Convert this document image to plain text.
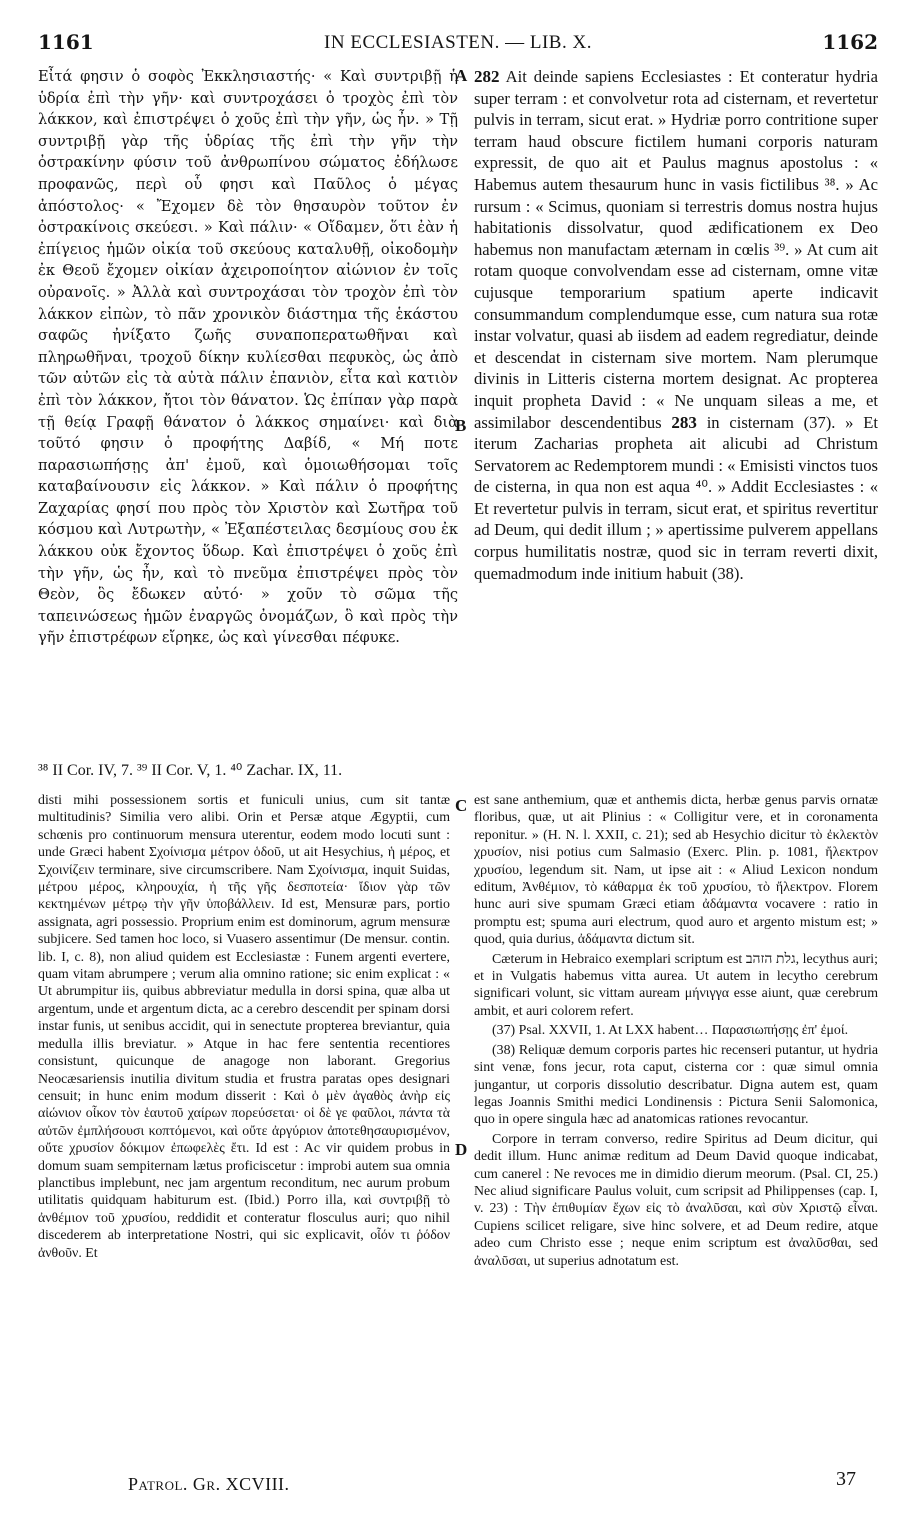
1161	IN ECCLESIASTEN. — LIB. X.	1162

Εἶτά φησιν ὁ σοφὸς Ἐκκλησιαστής· « Καὶ συντριβῇ ἡ ὑδρία ἐπὶ τὴν γῆν· καὶ συντροχάσει ὁ τροχὸς ἐπὶ τὸν λάκκον, καὶ ἐπιστρέψει ὁ χοῦς ἐπὶ τὴν γῆν, ὡς ἦν. » Τῇ συντριβῇ γὰρ τῆς ὑδρίας τῆς ἐπὶ τὴν γῆν τὴν ὀστρακίνην φύσιν τοῦ ἀνθρωπίνου σώματος ἐδήλωσε προφανῶς, περὶ οὗ φησι καὶ Παῦλος ὁ μέγας ἀπόστολος· « Ἔχομεν δὲ τὸν θησαυρὸν τοῦτον ἐν ὀστρακίνοις σκεύεσι. » Καὶ πάλιν· « Οἴδαμεν, ὅτι ἐὰν ἡ ἐπίγειος ἡμῶν οἰκία τοῦ σκεύους καταλυθῇ, οἰκοδομὴν ἐκ Θεοῦ ἔχομεν οἰκίαν ἀχειροποίητον αἰώνιον ἐν τοῖς οὐρανοῖς. » Ἀλλὰ καὶ συντροχάσαι τὸν τροχὸν ἐπὶ τὸν λάκκον εἰπὼν, τὸ πᾶν χρονικὸν διάστημα τῆς ἑκάστου σαφῶς ἠνίξατο ζωῆς συναποπερατωθῆναι καὶ πληρωθῆναι, τροχοῦ δίκην κυλίεσθαι πεφυκὸς, ὡς ἀπὸ τῶν αὐτῶν εἰς τὰ αὐτὰ πάλιν ἐπανιὸν, εἶτα καὶ κατιὸν ἐπὶ τὸν λάκκον, ἤτοι τὸν θάνατον. Ὡς ἐπίπαν γὰρ παρὰ τῇ θείᾳ Γραφῇ θάνατον ὁ λάκκος σημαίνει· καὶ διὰ τοῦτό φησιν ὁ προφήτης Δαβίδ, « Μή ποτε παρασιωπήσῃς ἀπ' ἐμοῦ, καὶ ὁμοιωθήσομαι τοῖς καταβαίνουσιν εἰς λάκκον. » Καὶ πάλιν ὁ προφήτης Ζαχαρίας φησί που πρὸς τὸν Χριστὸν καὶ Σωτῆρα τοῦ κόσμου καὶ Λυτρωτὴν, « Ἐξαπέστειλας δεσμίους σου ἐκ λάκκου οὐκ ἔχοντος ὕδωρ. Καὶ ἐπιστρέψει ὁ χοῦς ἐπὶ τὴν γῆν, ὡς ἦν, καὶ τὸ πνεῦμα ἐπιστρέψει πρὸς τὸν Θεὸν, ὃς ἔδωκεν αὐτό· » χοῦν τὸ σῶμα τῆς ταπεινώσεως ἡμῶν ἐναργῶς ὀνομάζων, ὃ καὶ πρὸς τὴν γῆν ἐπιστρέφων εἴρηκε, ὡς καὶ γίνεσθαι πέφυκε.

A
B

282 Ait deinde sapiens Ecclesiastes : Et conteratur hydria super terram : et convolvetur rota ad cisternam, et revertetur pulvis in terram, sicut erat. » Hydriæ porro contritione super terram haud obscure fictilem humani corporis naturam expressit, de quo ait et Paulus magnus apostolus : « Habemus autem thesaurum hunc in vasis fictilibus ³⁸. » Ac rursum : « Scimus, quoniam si terrestris domus nostra hujus habitationis dissolvatur, quod ædificationem ex Deo habemus non manufactam æternam in cœlis ³⁹. » At cum ait rotam quoque convolvendam esse ad cisternam, omne vitæ cujusque temporarium spatium aperte indicavit consummandum complendumque esse, cum natura sua rotæ instar volvatur, quasi ab iisdem ad eadem regrediatur, deinde et descendat in cisternam sive mortem. Nam plerumque divinis in Litteris cisterna mortem designat. Ac propterea inquit propheta David : « Ne unquam sileas a me, et assimilabor descendentibus 283 in cisternam (37). » Et iterum Zacharias propheta ait alicubi ad Christum Servatorem ac Redemptorem mundi : « Emisisti vinctos tuos de cisterna, in qua non est aqua ⁴⁰. » Addit Ecclesiastes : « Et revertetur pulvis in terram, sicut erat, et spiritus revertitur ad Deum, qui dedit illum ; » apertissime pulverem appellans corpus humilitatis nostræ, quod sic in terram reverti dixit, quemadmodum inde initium habuit (38).

³⁸ II Cor. IV, 7. ³⁹ II Cor. V, 1. ⁴⁰ Zachar. IX, 11.

disti mihi possessionem sortis et funiculi unius, cum sit tantæ multitudinis? Similia vero alibi. Orin et Persæ atque Ægyptii, cum schœnis pro continuorum mensura uterentur, eodem modo locuti sunt : unde Græci habent Σχοίνισμα μέτρον ὁδοῦ, ut ait Hesychius, ἡ μέρος, et Σχοινίζειν terminare, sive circumscribere. Nam Σχοίνισμα, inquit Suidas, μέτρου μέρος, κληρουχία, ἡ τῆς γῆς δεσποτεία· ἴδιον γὰρ τῶν κεκτημένων μέτρῳ τὴν γῆν ὑποβάλλειν. Id est, Mensuræ pars, portio assignata, agri possessio. Proprium enim est dominorum, agrum mensuræ subjicere. Sed tamen hoc loco, si Vuasero assentimur (De mensur. contin. lib. I, c. 8), non aliud quidem est Ecclesiastæ : Funem argenti evertere, quam vitam abrumpere ; verum alia omnino ratione; sic enim explicat : « Ut abrumpitur iis, quibus abbreviatur medulla in dorsi spina, quæ alba ut argentum, unde et argentum dicta, ac a cerebro descendit per spinam dorsi instar funis, ut senibus accidit, qui in senectute propterea breviantur, quia medulla illis breviatur. » Atque in hac fere sententia recentiores consistunt, quicunque de anagoge non laborant. Gregorius Neocæsariensis inutilia divitum studia et frustra paratas opes designari censuit; in hunc enim modum disserit : Καὶ ὁ μὲν ἀγαθὸς ἀνὴρ εἰς αἰώνιον οἶκον τὸν ἑαυτοῦ χαίρων πορεύσεται· οἱ δὲ γε φαῦλοι, πάντα τὰ αὐτῶν ἐμπλήσουσι κοπτόμενοι, καὶ οὔτε ἀργύριον ἀποτεθησαυρισμένον, οὔτε χρυσίον δόκιμον ἐπωφελὲς ἔτι. Id est : Ac vir quidem probus in domum suam sempiternam lætus proficiscetur : improbi autem sua omnia planctibus implebunt, nec jam argentum reconditum, nec aurum probum utilitatis quidquam habiturum est. (Ibid.) Porro illa, καὶ συντριβῇ τὸ ἀνθέμιον τοῦ χρυσίου, reddidit et conteratur flosculus auri; quo nihil discederem ab interpretatione Nostri, qui sic explicavit, οἷόν τι ῥόδον ἀνθοῦν. Et

C
D

est sane anthemium, quæ et anthemis dicta, herbæ genus parvis ornatæ floribus, quæ, ut ait Plinius : « Colligitur vere, et in coronamenta reponitur. » (H. N. l. XXII, c. 21); sed ab Hesychio dicitur τὸ ἐκλεκτὸν χρυσίον, nisi potius cum Salmasio (Exerc. Plin. p. 1081, ἤλεκτρον χρυσίου, legendum sit. Nam, ut ipse ait : « Aliud Lexicon nondum editum, Ἀνθέμιον, τὸ κάθαρμα ἐκ τοῦ χρυσίου, τὸ ἤλεκτρον. Florem hunc auri sive spumam Græci etiam ἀδάμαντα vocavere : ratio in promptu est; spuma auri electrum, quod auro et argento mistum est; » quod, quia durius, ἀδάμαντα dictum sit.

Cæterum in Hebraico exemplari scriptum est גלת הזהב, lecythus auri; et in Vulgatis habemus vitta aurea. Ut autem in lecytho cerebrum significari volunt, sic vittam auream μήνιγγα esse aiunt, quæ cerebrum ambit, et auri colorem refert.

(37) Psal. XXVII, 1. At LXX habent… Παρασιωπήσῃς ἐπ' ἐμοί.

(38) Reliquæ demum corporis partes hic recenseri putantur, ut hydria sint venæ, fons jecur, rota caput, cisterna cor : quæ simul omnia jungantur, ut corporis dissolutio describatur. Digna autem est, quam legas Joannis Smithi medici Londinensis : Pictura Senii Salomonica, quo in opere singula hæc ad anatomicas rationes revocantur.

Corpore in terram converso, redire Spiritus ad Deum dicitur, qui dedit illum. Hunc animæ reditum ad Deum David quoque indicabat, cum canerel : Ne revoces me in dimidio dierum meorum. (Psal. CI, 25.) Nec aliud significare Paulus voluit, cum scripsit ad Philippenses (cap. I, v. 23) : Τὴν ἐπιθυμίαν ἔχων εἰς τὸ ἀναλῦσαι, καὶ σὺν Χριστῷ εἶναι. Cupiens scilicet religare, sive hinc solvere, et ad Deum redire, atque adeo cum Christo esse ; neque enim scriptum est ἀναλῦσθαι, sed ἀναλῦσαι, ut superius adnotatum est.

Patrol. Gr. XCVIII.	37
